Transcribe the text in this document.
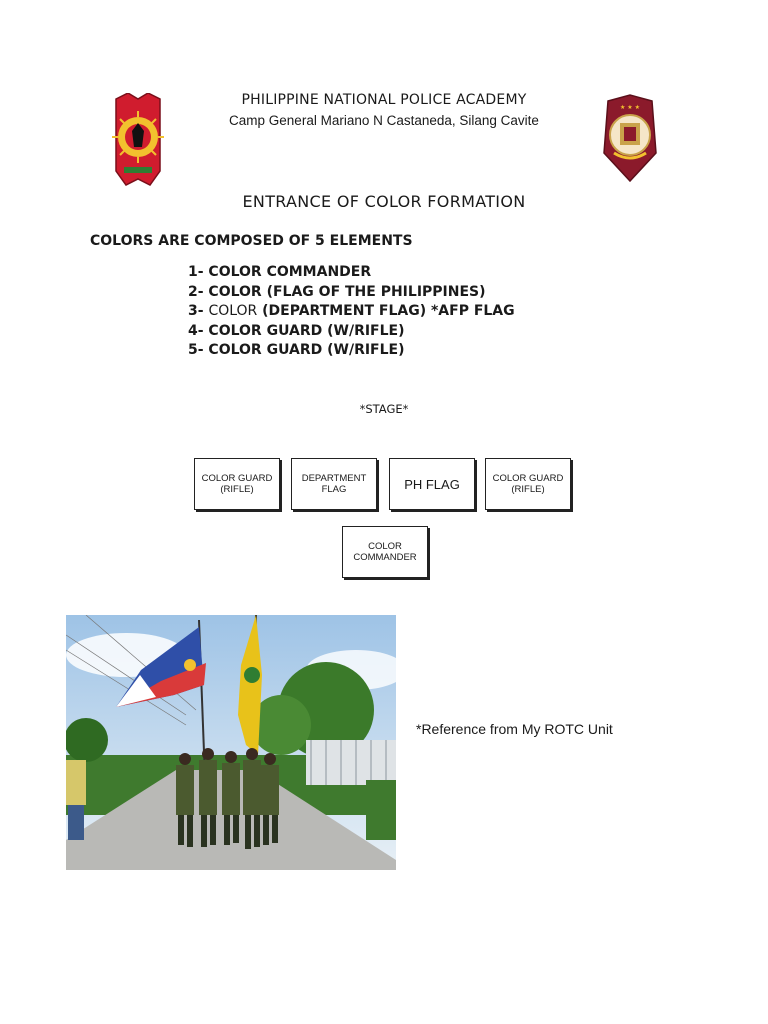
★ ★ ★
PHILIPPINE NATIONAL POLICE ACADEMY
Camp General Mariano N Castaneda, Silang Cavite
ENTRANCE OF COLOR FORMATION
COLORS ARE COMPOSED OF 5 ELEMENTS
1- COLOR COMMANDER
2- COLOR (FLAG OF THE PHILIPPINES)
3- COLOR (DEPARTMENT FLAG) *AFP FLAG
4- COLOR GUARD (W/RIFLE)
5- COLOR GUARD (W/RIFLE)
*STAGE*
COLOR GUARD (RIFLE)
DEPARTMENT FLAG	PH FLAG	COLOR GUARD (RIFLE)
COLOR COMMANDER
*Reference from My ROTC Unit
